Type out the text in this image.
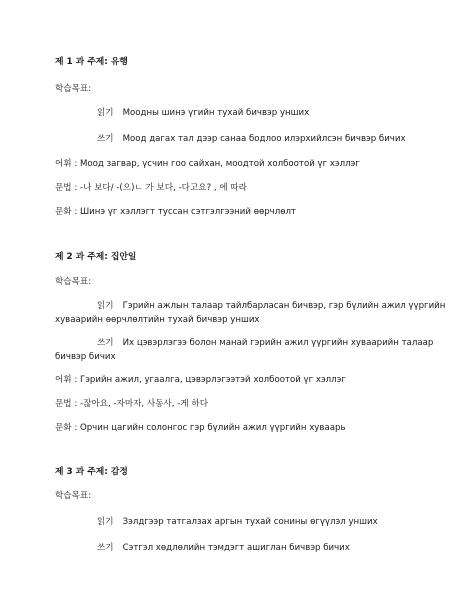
제 1 과 주제: 유행
학습목표:
읽기 Моодны шинэ үгийн тухай бичвэр унших
쓰기 Моод дагах тал дээр санаа бодлоо илэрхийлсэн бичвэр бичих
어휘 : Моод загвар, үсчин гоо сайхан, моодтой холбоотой үг хэллэг
문법 : -나 보다/ -(으)ㄴ 가 보다, -다고요? , 에 따라
문화 : Шинэ үг хэллэгт туссан сэтгэлгээний өөрчлөлт
제 2 과 주제: 집안일
학습목표:
읽기 Гэрийн ажлын талаар тайлбарласан бичвэр, гэр бүлийн ажил үүргийн
хуваарийн өөрчлөлтийн тухай бичвэр унших
쓰기 Их цэвэрлэгээ болон манай гэрийн ажил үүргийн хуваарийн талаар
бичвэр бичих
어휘 : Гэрийн ажил, угаалга, цэвэрлэгээтэй холбоотой үг хэллэг
문법 : -잖아요, -자마자, 사동사, -게 하다
문화 : Орчин цагийн солонгос гэр бүлийн ажил үүргийн хуваарь
제 3 과 주제: 감정
학습목표:
읽기 Зэлдгээр татгалзах аргын тухай сонины өгүүлэл унших
쓰기 Сэтгэл хөдлөлийн тэмдэгт ашиглан бичвэр бичих
